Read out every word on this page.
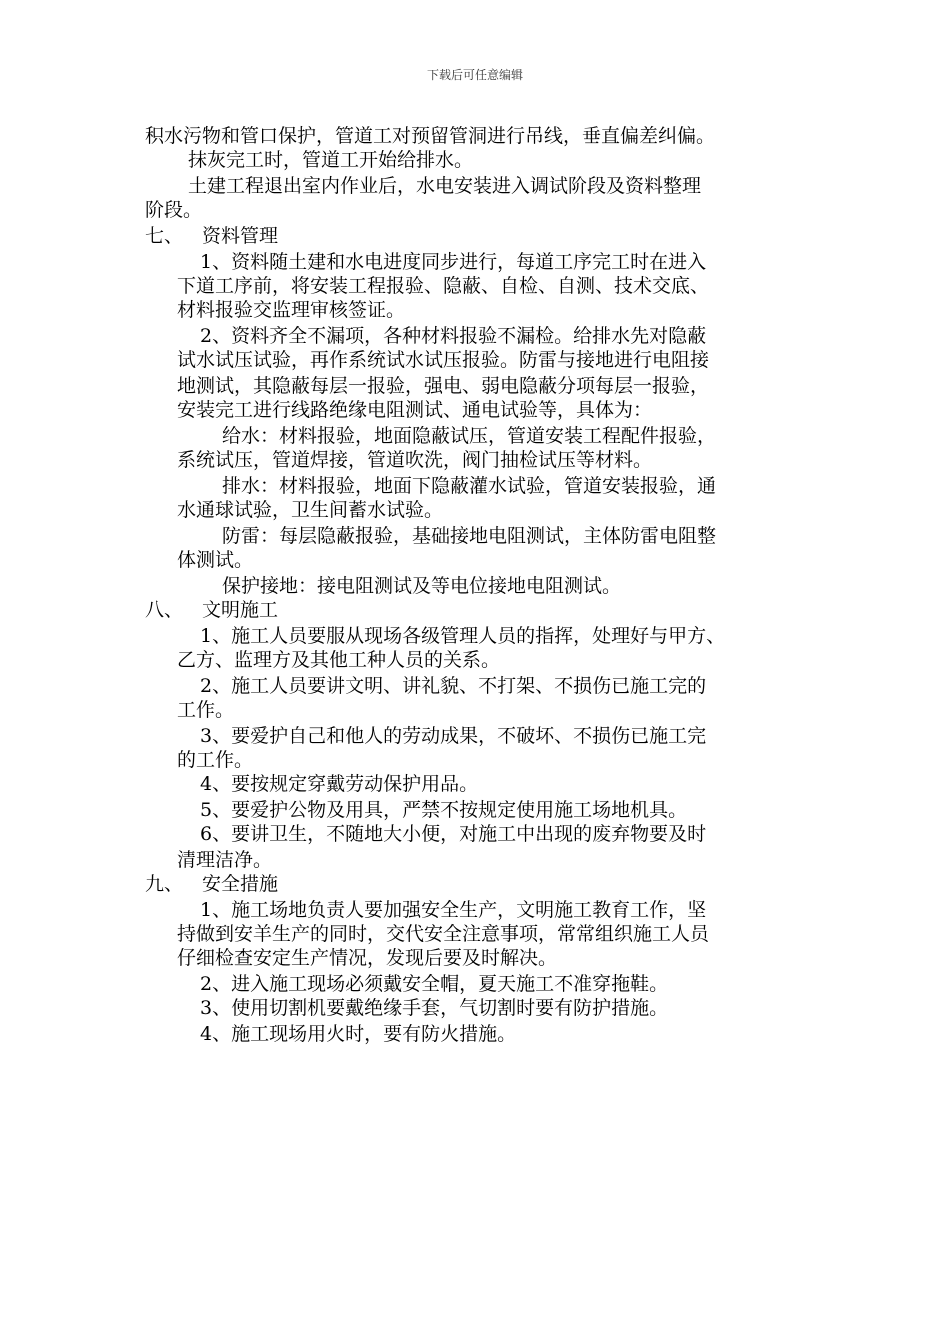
下载后可任意编辑
积水污物和管口保护，管道工对预留管洞进行吊线，垂直偏差纠偏。
抹灰完工时，管道工开始给排水。
土建工程退出室内作业后，水电安装进入调试阶段及资料整理
阶段。
七、 资料管理
1、资料随土建和水电进度同步进行，每道工序完工时在进入
下道工序前，将安装工程报验、隐蔽、自检、自测、技术交底、
材料报验交监理审核签证。
2、资料齐全不漏项，各种材料报验不漏检。给排水先对隐蔽
试水试压试验，再作系统试水试压报验。防雷与接地进行电阻接
地测试，其隐蔽每层一报验，强电、弱电隐蔽分项每层一报验，
安装完工进行线路绝缘电阻测试、通电试验等，具体为：
给水：材料报验，地面隐蔽试压，管道安装工程配件报验，
系统试压，管道焊接，管道吹洗，阀门抽检试压等材料。
排水：材料报验，地面下隐蔽灌水试验，管道安装报验，通
水通球试验，卫生间蓄水试验。
防雷：每层隐蔽报验，基础接地电阻测试，主体防雷电阻整
体测试。
保护接地：接电阻测试及等电位接地电阻测试。
八、 文明施工
1、施工人员要服从现场各级管理人员的指挥，处理好与甲方、
乙方、监理方及其他工种人员的关系。
2、施工人员要讲文明、讲礼貌、不打架、不损伤已施工完的
工作。
3、要爱护自己和他人的劳动成果，不破坏、不损伤已施工完
的工作。
4、要按规定穿戴劳动保护用品。
5、要爱护公物及用具，严禁不按规定使用施工场地机具。
6、要讲卫生，不随地大小便，对施工中出现的废弃物要及时
清理洁净。
九、 安全措施
1、施工场地负责人要加强安全生产，文明施工教育工作，坚
持做到安羊生产的同时，交代安全注意事项，常常组织施工人员
仔细检查安定生产情况，发现后要及时解决。
2、进入施工现场必须戴安全帽，夏天施工不准穿拖鞋。
3、使用切割机要戴绝缘手套，气切割时要有防护措施。
4、施工现场用火时，要有防火措施。
